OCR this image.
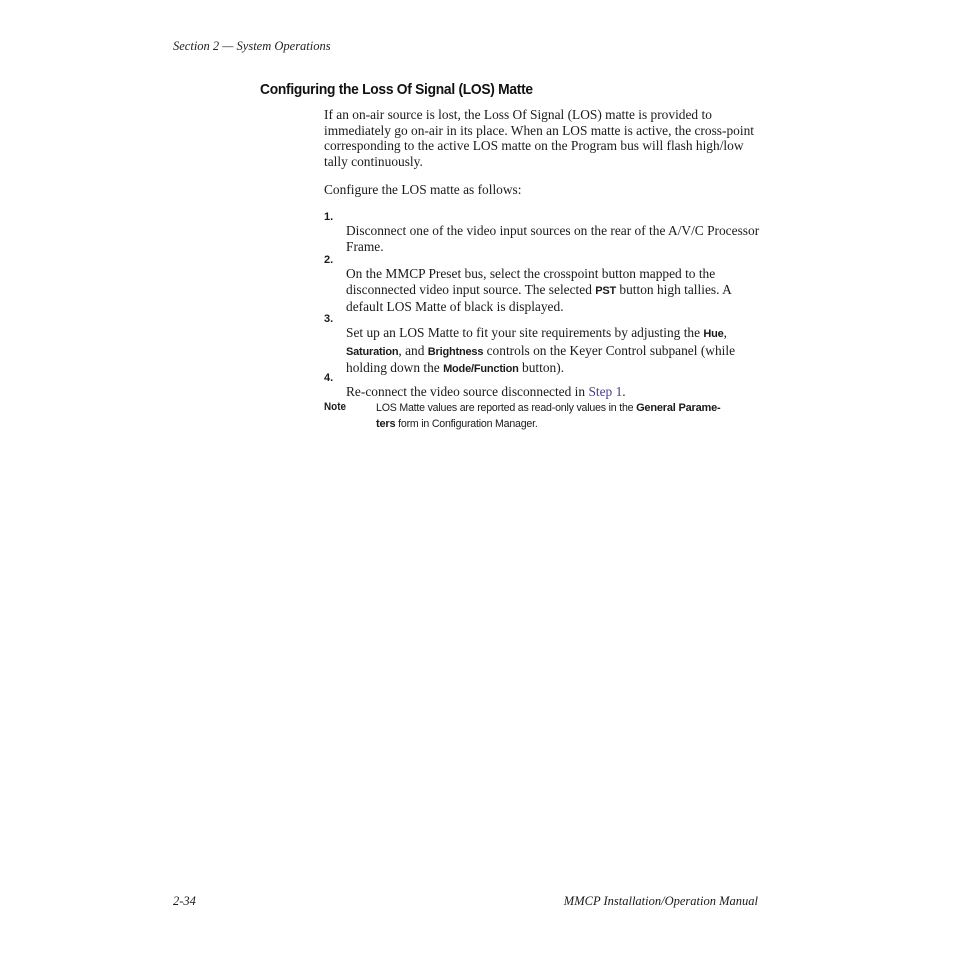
Section 2 — System Operations
Configuring the Loss Of Signal (LOS) Matte

If an on-air source is lost, the Loss Of Signal (LOS) matte is provided to immediately go on-air in its place. When an LOS matte is active, the cross-point corresponding to the active LOS matte on the Program bus will flash high/low tally continuously.

Configure the LOS matte as follows:

1.

Disconnect one of the video input sources on the rear of the A/V/C Processor Frame.

2.

On the MMCP Preset bus, select the crosspoint button mapped to the disconnected video input source. The selected PST button high tallies. A default LOS Matte of black is displayed.

3.

Set up an LOS Matte to fit your site requirements by adjusting the Hue, Saturation, and Brightness controls on the Keyer Control subpanel (while holding down the Mode/Function button).

4.

Re-connect the video source disconnected in Step 1.

Note	LOS Matte values are reported as read-only values in the General Parame-ters form in Configuration Manager.

2-34	MMCP Installation/Operation Manual
